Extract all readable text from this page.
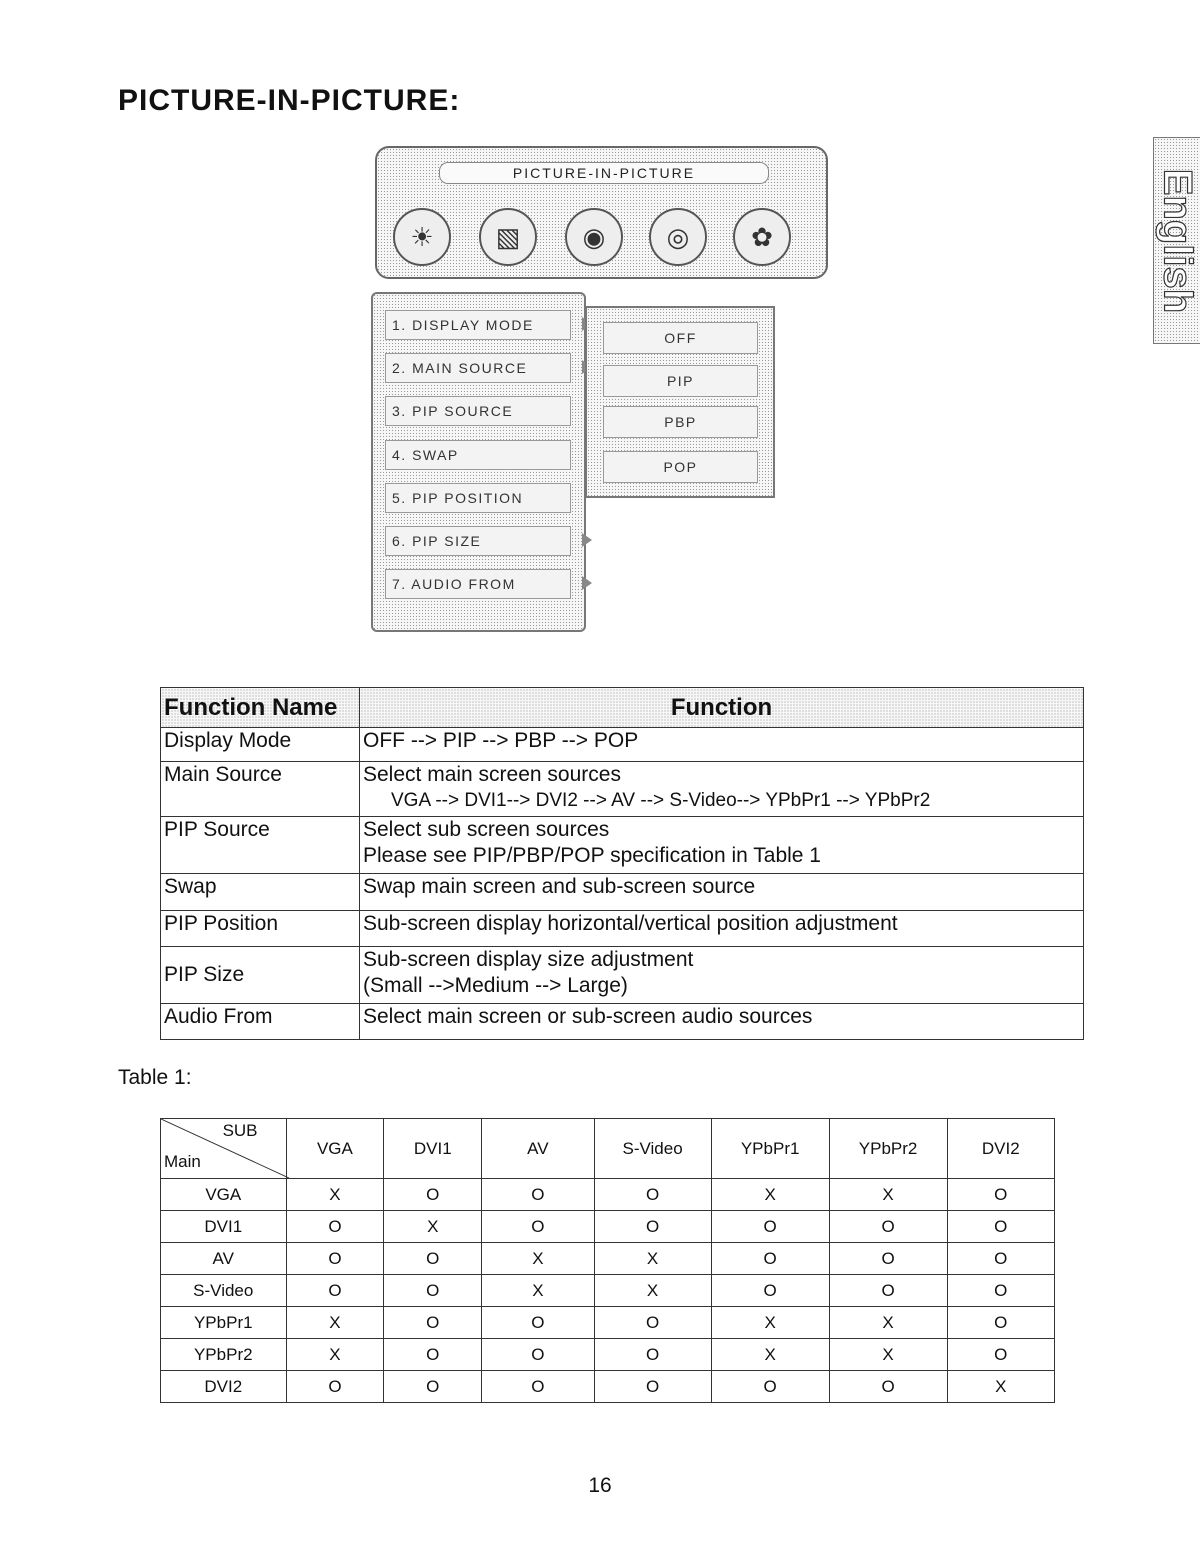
PICTURE-IN-PICTURE:
English
PICTURE-IN-PICTURE
☀	▧	◉	◎	✿
1. DISPLAY MODE
2. MAIN SOURCE
3. PIP SOURCE
4. SWAP
5. PIP POSITION
6. PIP SIZE
7. AUDIO FROM
OFF
PIP
PBP
POP
Function Name	Function
Display Mode	OFF --> PIP --> PBP --> POP

Main Source	Select main screen sources
VGA --> DVI1--> DVI2 --> AV --> S-Video--> YPbPr1 --> YPbPr2

PIP Source	Select sub screen sources
Please see PIP/PBP/POP specification in Table 1

Swap	Swap main screen and sub-screen source

PIP Position	Sub-screen display horizontal/vertical position adjustment

PIP Size	Sub-screen display size adjustment
(Small -->Medium --> Large)

Audio From	Select main screen or sub-screen audio sources
Table 1:
SUB
Main	VGA	DVI1	AV	S-Video	YPbPr1	YPbPr2	DVI2
VGA	X	O	O	O	X	X	O
DVI1	O	X	O	O	O	O	O
AV	O	O	X	X	O	O	O
S-Video	O	O	X	X	O	O	O
YPbPr1	X	O	O	O	X	X	O
YPbPr2	X	O	O	O	X	X	O
DVI2	O	O	O	O	O	O	X
16
